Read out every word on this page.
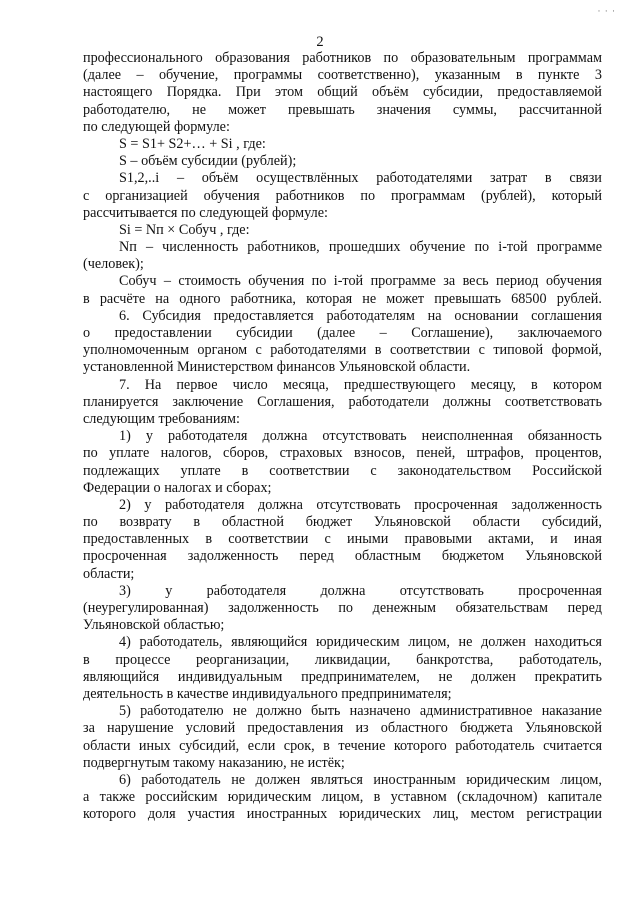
· · ·
2
профессионального образования работников по образовательным программам
(далее – обучение, программы соответственно), указанным в пункте 3
настоящего Порядка. При этом общий объём субсидии, предоставляемой
работодателю, не может превышать значения суммы, рассчитанной
по следующей формуле:
S = S1+ S2+… + Si , где:
S – объём субсидии (рублей);
S1,2,..i – объём осуществлённых работодателями затрат в связи
с организацией обучения работников по программам (рублей), который
рассчитывается по следующей формуле:
Si = Nп × Cобуч , где:
Nп – численность работников, прошедших обучение по i-той программе
(человек);
Cобуч – стоимость обучения по i-той программе за весь период обучения
в расчёте на одного работника, которая не может превышать 68500 рублей.
6. Субсидия предоставляется работодателям на основании соглашения
о предоставлении субсидии (далее – Соглашение), заключаемого
уполномоченным органом с работодателями в соответствии с типовой формой,
установленной Министерством финансов Ульяновской области.
7. На первое число месяца, предшествующего месяцу, в котором
планируется заключение Соглашения, работодатели должны соответствовать
следующим требованиям:
1) у работодателя должна отсутствовать неисполненная обязанность
по уплате налогов, сборов, страховых взносов, пеней, штрафов, процентов,
подлежащих уплате в соответствии с законодательством Российской
Федерации о налогах и сборах;
2) у работодателя должна отсутствовать просроченная задолженность
по возврату в областной бюджет Ульяновской области субсидий,
предоставленных в соответствии с иными правовыми актами, и иная
просроченная задолженность перед областным бюджетом Ульяновской
области;
3) у работодателя должна отсутствовать просроченная
(неурегулированная) задолженность по денежным обязательствам перед
Ульяновской областью;
4) работодатель, являющийся юридическим лицом, не должен находиться
в процессе реорганизации, ликвидации, банкротства, работодатель,
являющийся индивидуальным предпринимателем, не должен прекратить
деятельность в качестве индивидуального предпринимателя;
5) работодателю не должно быть назначено административное наказание
за нарушение условий предоставления из областного бюджета Ульяновской
области иных субсидий, если срок, в течение которого работодатель считается
подвергнутым такому наказанию, не истёк;
6) работодатель не должен являться иностранным юридическим лицом,
а также российским юридическим лицом, в уставном (складочном) капитале
которого доля участия иностранных юридических лиц, местом регистрации
